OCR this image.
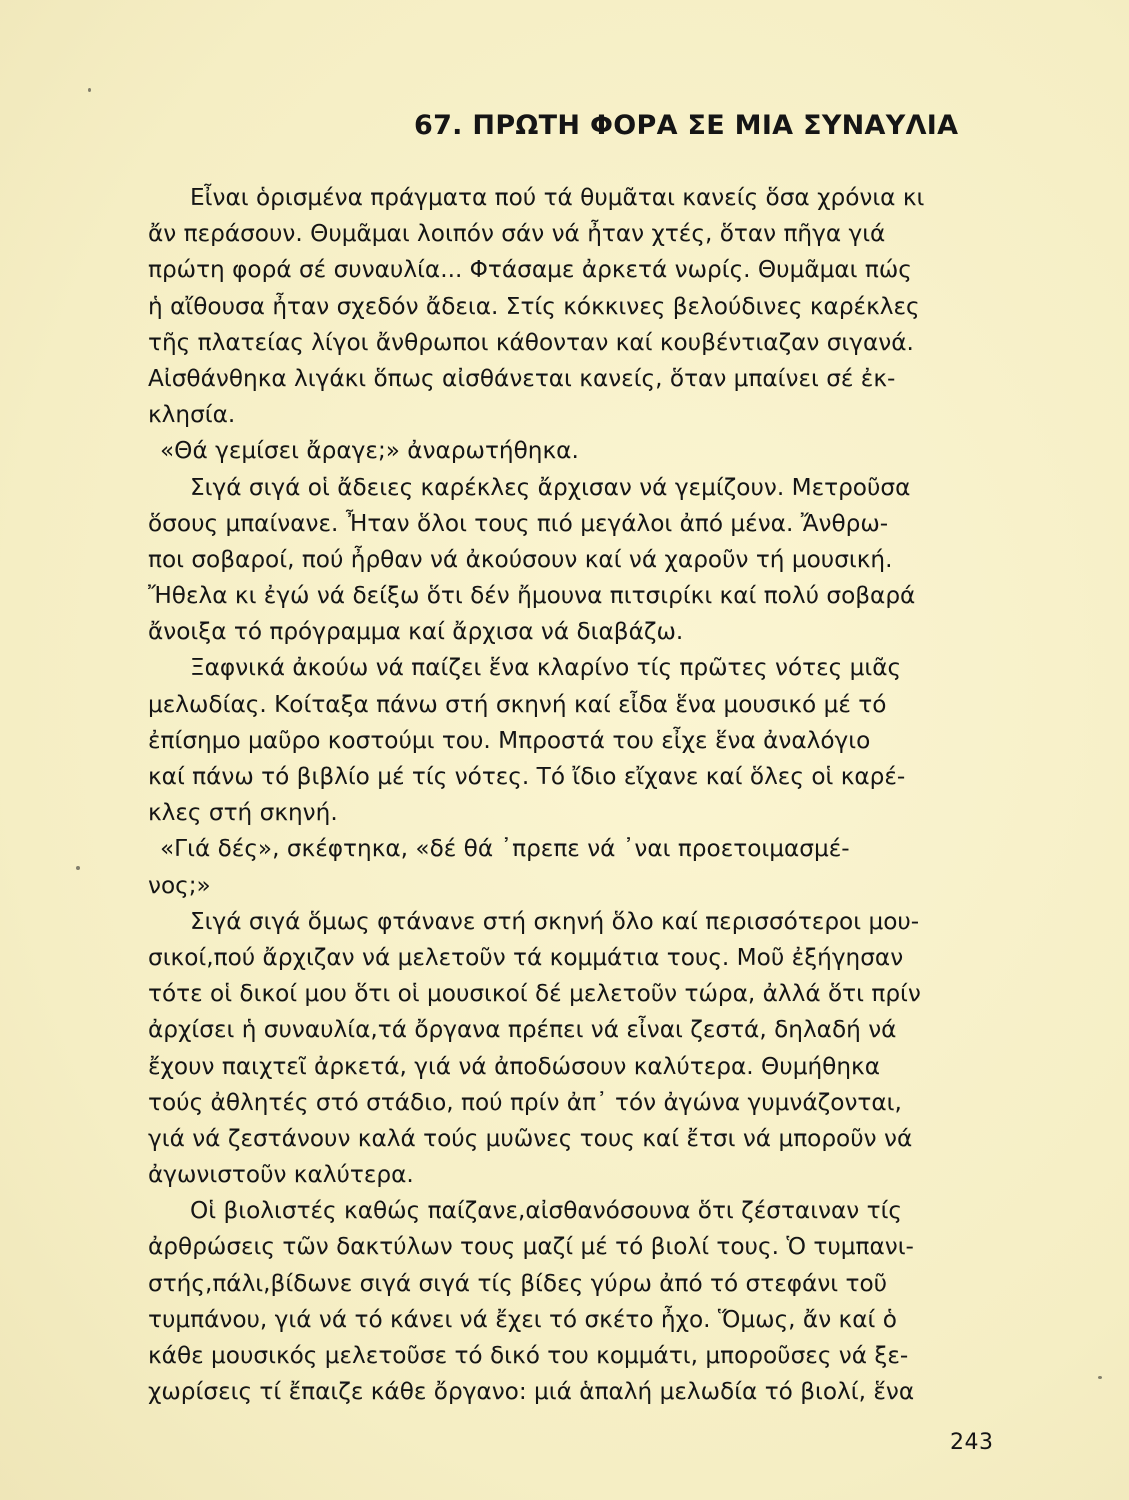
67. ΠΡΩΤΗ ΦΟΡΑ ΣΕ ΜΙΑ ΣΥΝΑΥΛΙΑ
Εἶναι ὁρισμένα πράγματα πού τά θυμᾶται κανείς ὅσα χρόνια κι
ἄν περάσουν. Θυμᾶμαι λοιπόν σάν νά ἦταν χτές, ὅταν πῆγα γιά
πρώτη φορά σέ συναυλία... Φτάσαμε ἀρκετά νωρίς. Θυμᾶμαι πώς
ἡ αἴθουσα ἦταν σχεδόν ἄδεια. Στίς κόκκινες βελούδινες καρέκλες
τῆς πλατείας λίγοι ἄνθρωποι κάθονταν καί κουβέντιαζαν σιγανά.
Αἰσθάνθηκα λιγάκι ὅπως αἰσθάνεται κανείς, ὅταν μπαίνει σέ ἐκ-
κλησία.
«Θά γεμίσει ἄραγε;» ἀναρωτήθηκα.
Σιγά σιγά οἱ ἄδειες καρέκλες ἄρχισαν νά γεμίζουν. Μετροῦσα
ὅσους μπαίνανε. Ἦταν ὅλοι τους πιό μεγάλοι ἀπό μένα. Ἄνθρω-
ποι σοβαροί, πού ἦρθαν νά ἀκούσουν καί νά χαροῦν τή μουσική.
Ἤθελα κι ἐγώ νά δείξω ὅτι δέν ἤμουνα πιτσιρίκι καί πολύ σοβαρά
ἄνοιξα τό πρόγραμμα καί ἄρχισα νά διαβάζω.
Ξαφνικά ἀκούω νά παίζει ἕνα κλαρίνο τίς πρῶτες νότες μιᾶς
μελωδίας. Κοίταξα πάνω στή σκηνή καί εἶδα ἕνα μουσικό μέ τό
ἐπίσημο μαῦρο κοστούμι του. Μπροστά του εἶχε ἕνα ἀναλόγιο
καί πάνω τό βιβλίο μέ τίς νότες. Τό ἴδιο εἴχανε καί ὅλες οἱ καρέ-
κλες στή σκηνή.
«Γιά δές», σκέφτηκα, «δέ θά ᾽πρεπε νά ᾽ναι προετοιμασμέ-
νος;»
Σιγά σιγά ὅμως φτάνανε στή σκηνή ὅλο καί περισσότεροι μου-
σικοί,πού ἄρχιζαν νά μελετοῦν τά κομμάτια τους. Μοῦ ἐξήγησαν
τότε οἱ δικοί μου ὅτι οἱ μουσικοί δέ μελετοῦν τώρα, ἀλλά ὅτι πρίν
ἀρχίσει ἡ συναυλία,τά ὄργανα πρέπει νά εἶναι ζεστά, δηλαδή νά
ἔχουν παιχτεῖ ἀρκετά, γιά νά ἀποδώσουν καλύτερα. Θυμήθηκα
τούς ἀθλητές στό στάδιο, πού πρίν ἀπ᾽ τόν ἀγώνα γυμνάζονται,
γιά νά ζεστάνουν καλά τούς μυῶνες τους καί ἔτσι νά μποροῦν νά
ἀγωνιστοῦν καλύτερα.
Οἱ βιολιστές καθώς παίζανε,αἰσθανόσουνα ὅτι ζέσταιναν τίς
ἀρθρώσεις τῶν δακτύλων τους μαζί μέ τό βιολί τους. Ὁ τυμπανι-
στής,πάλι,βίδωνε σιγά σιγά τίς βίδες γύρω ἀπό τό στεφάνι τοῦ
τυμπάνου, γιά νά τό κάνει νά ἔχει τό σκέτο ἦχο. Ὅμως, ἄν καί ὁ
κάθε μουσικός μελετοῦσε τό δικό του κομμάτι, μποροῦσες νά ξε-
χωρίσεις τί ἔπαιζε κάθε ὄργανο: μιά ἁπαλή μελωδία τό βιολί, ἕνα
243
